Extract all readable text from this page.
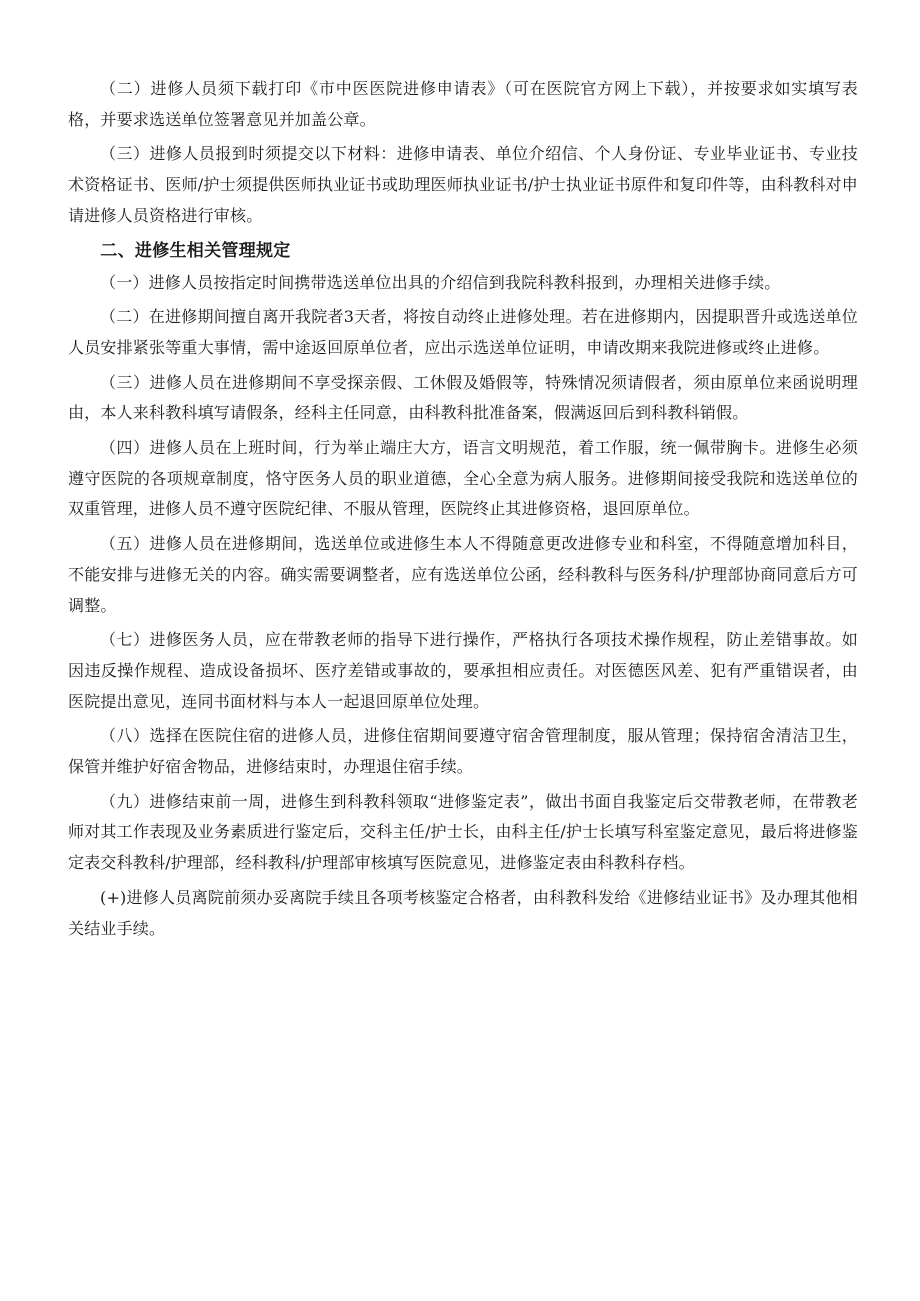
（二）进修人员须下载打印《市中医医院进修申请表》（可在医院官方网上下载），并按要求如实填写表格，并要求选送单位签署意见并加盖公章。

（三）进修人员报到时须提交以下材料：进修申请表、单位介绍信、个人身份证、专业毕业证书、专业技术资格证书、医师/护士须提供医师执业证书或助理医师执业证书/护士执业证书原件和复印件等，由科教科对申请进修人员资格进行审核。

二、进修生相关管理规定

（一）进修人员按指定时间携带选送单位出具的介绍信到我院科教科报到，办理相关进修手续。

（二）在进修期间擅自离开我院者3天者，将按自动终止进修处理。若在进修期内，因提职晋升或选送单位人员安排紧张等重大事情，需中途返回原单位者，应出示选送单位证明，申请改期来我院进修或终止进修。

（三）进修人员在进修期间不享受探亲假、工休假及婚假等，特殊情况须请假者，须由原单位来函说明理由，本人来科教科填写请假条，经科主任同意，由科教科批准备案，假满返回后到科教科销假。

（四）进修人员在上班时间，行为举止端庄大方，语言文明规范，着工作服，统一佩带胸卡。进修生必须遵守医院的各项规章制度，恪守医务人员的职业道德，全心全意为病人服务。进修期间接受我院和选送单位的双重管理，进修人员不遵守医院纪律、不服从管理，医院终止其进修资格，退回原单位。

（五）进修人员在进修期间，选送单位或进修生本人不得随意更改进修专业和科室，不得随意增加科目，不能安排与进修无关的内容。确实需要调整者，应有选送单位公函，经科教科与医务科/护理部协商同意后方可调整。

（七）进修医务人员，应在带教老师的指导下进行操作，严格执行各项技术操作规程，防止差错事故。如因违反操作规程、造成设备损坏、医疗差错或事故的，要承担相应责任。对医德医风差、犯有严重错误者，由医院提出意见，连同书面材料与本人一起退回原单位处理。

（八）选择在医院住宿的进修人员，进修住宿期间要遵守宿舍管理制度，服从管理；保持宿舍清洁卫生，保管并维护好宿舍物品，进修结束时，办理退住宿手续。

（九）进修结束前一周，进修生到科教科领取“进修鉴定表”，做出书面自我鉴定后交带教老师，在带教老师对其工作表现及业务素质进行鉴定后，交科主任/护士长，由科主任/护士长填写科室鉴定意见，最后将进修鉴定表交科教科/护理部，经科教科/护理部审核填写医院意见，进修鉴定表由科教科存档。

(+)进修人员离院前须办妥离院手续且各项考核鉴定合格者，由科教科发给《进修结业证书》及办理其他相关结业手续。
